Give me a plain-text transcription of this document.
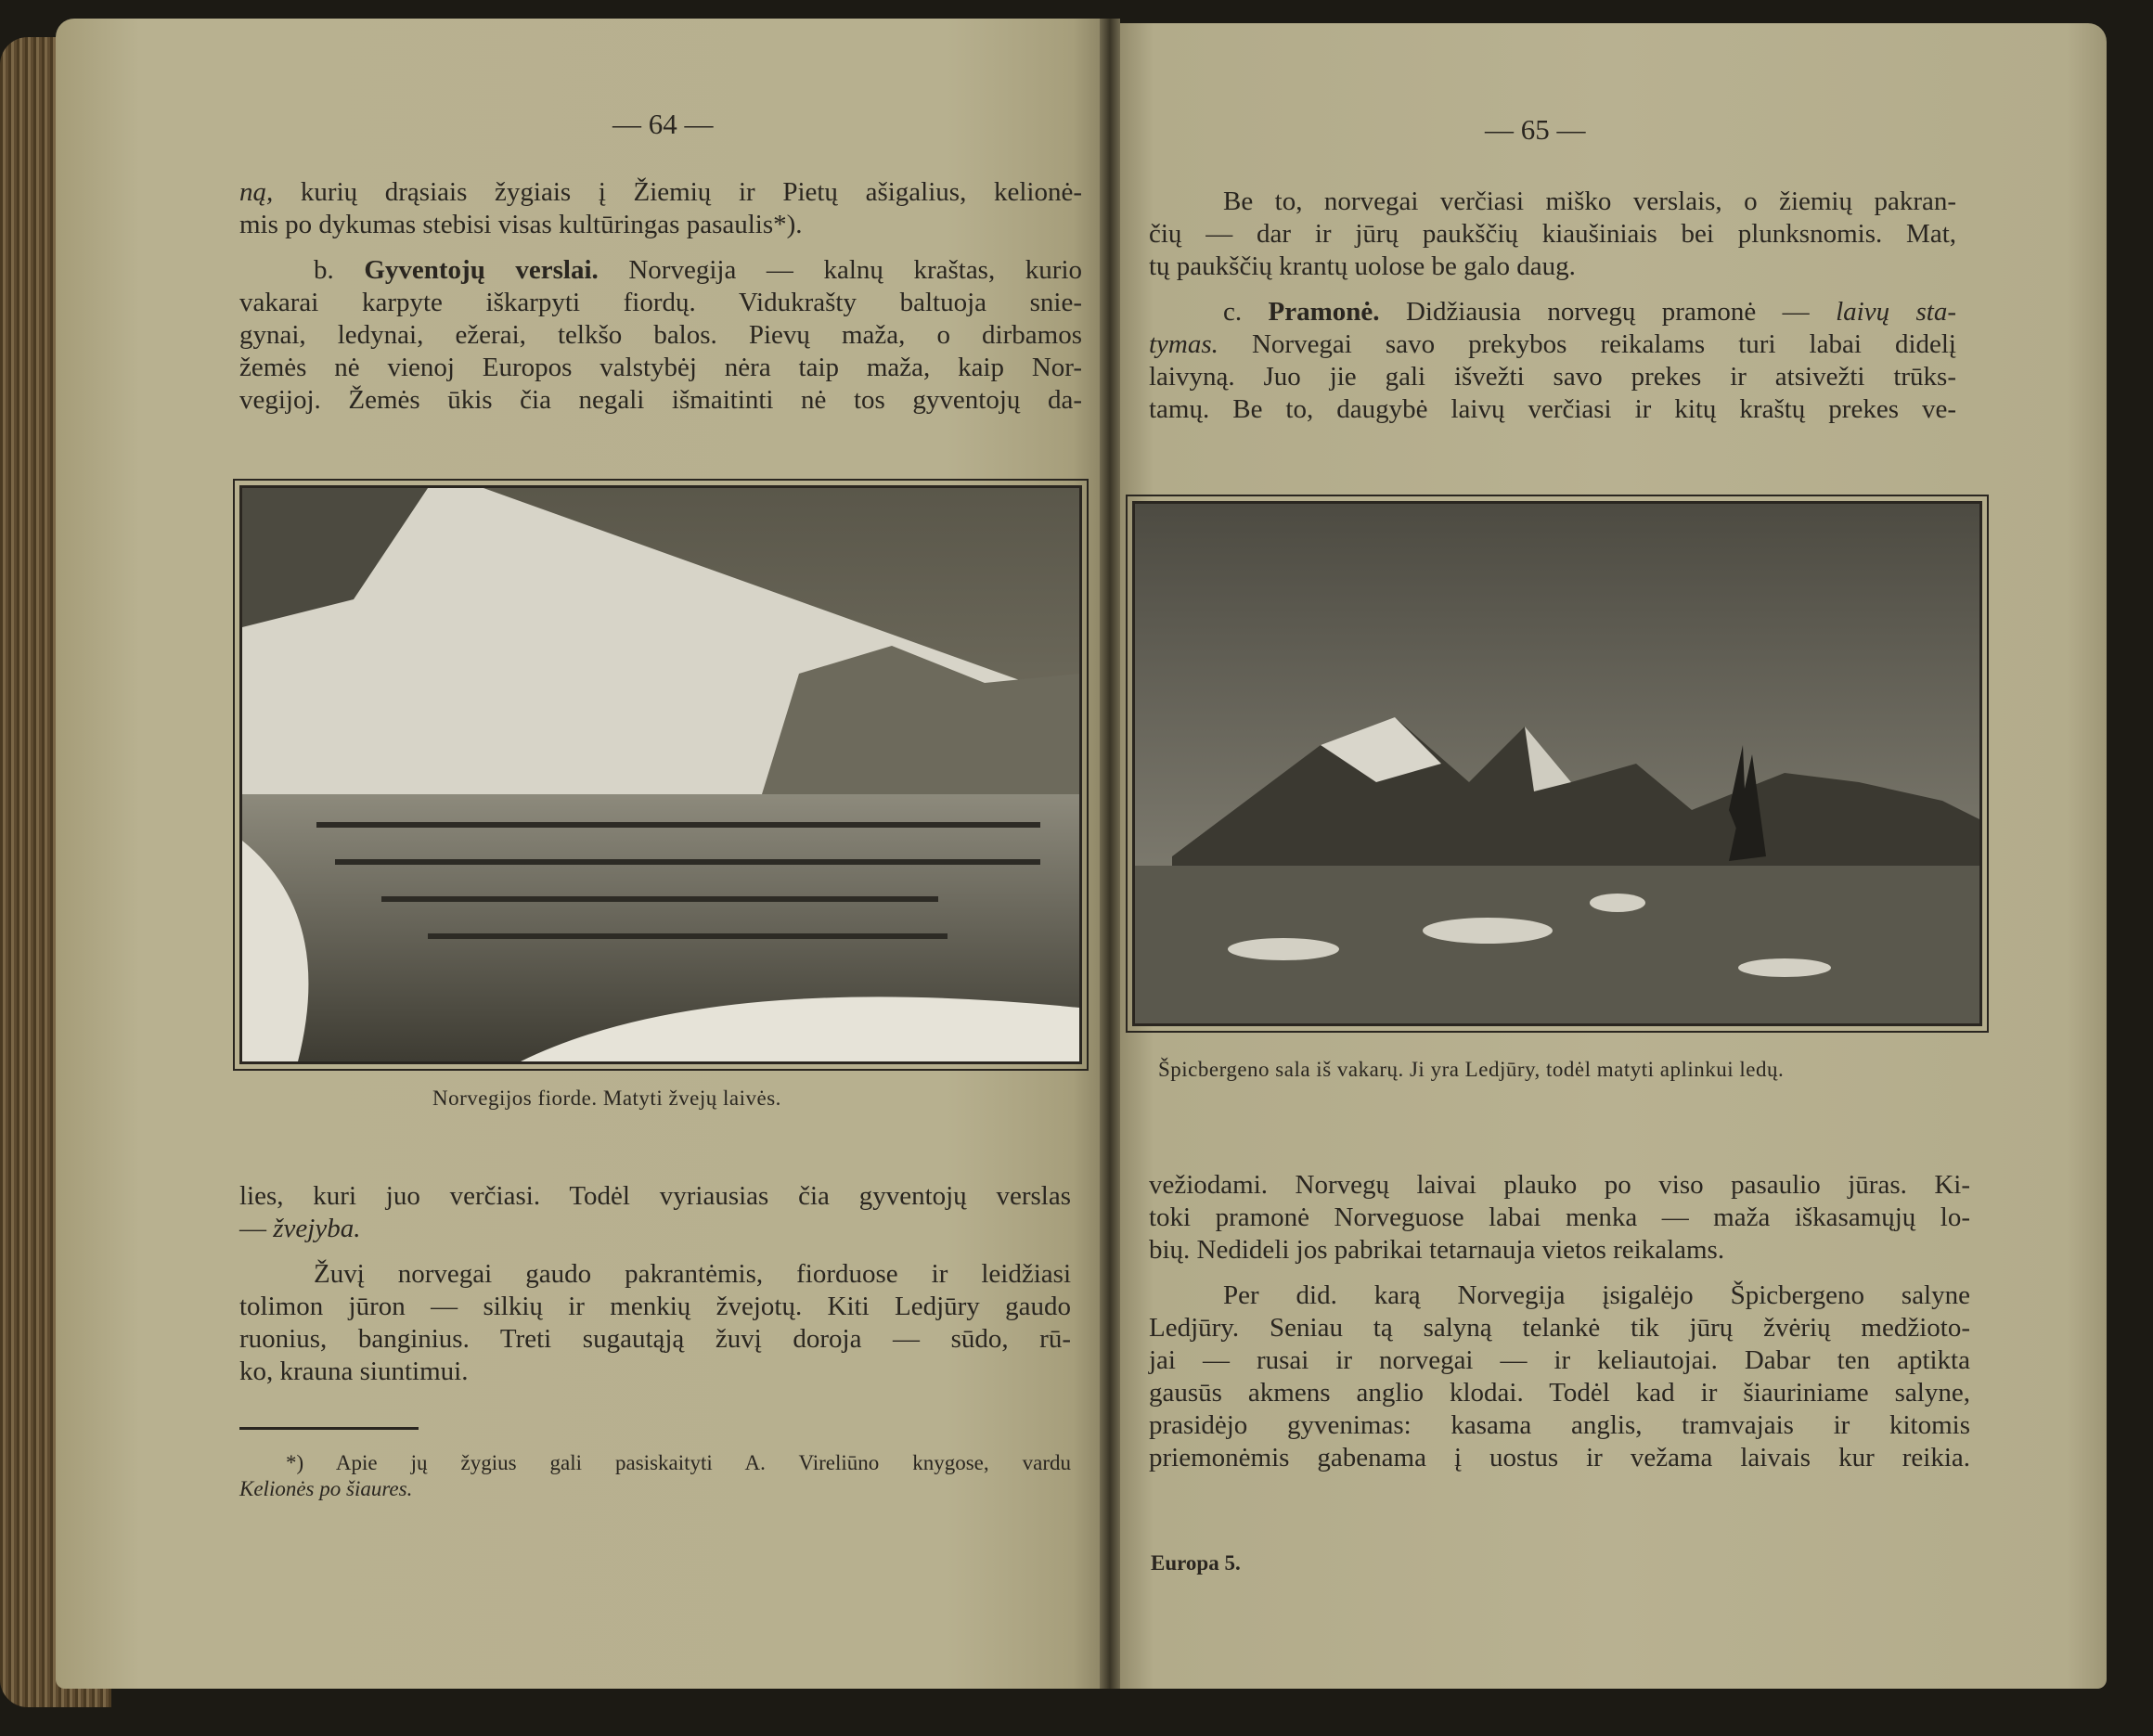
— 64 —
ną, kurių drąsiais žygiais į Žiemių ir Pietų ašigalius, kelionė-
mis po dykumas stebisi visas kultūringas pasaulis*).
b. Gyventojų verslai. Norvegija — kalnų kraštas, kurio
vakarai karpyte iškarpyti fiordų. Vidukrašty baltuoja snie-
gynai, ledynai, ežerai, telkšo balos. Pievų maža, o dirbamos
žemės nė vienoj Europos valstybėj nėra taip maža, kaip Nor-
vegijoj. Žemės ūkis čia negali išmaitinti nė tos gyventojų da-
Norvegijos fiorde. Matyti žvejų laivės.
lies, kuri juo verčiasi. Todėl vyriausias čia gyventojų verslas
— žvejyba.
Žuvį norvegai gaudo pakrantėmis, fiorduose ir leidžiasi
tolimon jūron — silkių ir menkių žvejotų. Kiti Ledjūry gaudo
ruonius, banginius. Treti sugautąją žuvį doroja — sūdo, rū-
ko, krauna siuntimui.
*) Apie jų žygius gali pasiskaityti A. Virelіūno knygose, vardu
Kelionės po šiaures.
— 65 —
Be to, norvegai verčiasi miško verslais, o žiemių pakran-
čių — dar ir jūrų paukščių kiaušiniais bei plunksnomis. Mat,
tų paukščių krantų uolose be galo daug.
c. Pramonė. Didžiausia norvegų pramonė — laivų sta-
tymas. Norvegai savo prekybos reikalams turi labai didelį
laivyną. Juo jie gali išvežti savo prekes ir atsivežti trūks-
tamų. Be to, daugybė laivų verčiasi ir kitų kraštų prekes ve-
Špicbergeno sala iš vakarų. Ji yra Ledjūry, todėl matyti aplinkui ledų.
vežiodami. Norvegų laivai plauko po viso pasaulio jūras. Ki-
toki pramonė Norveguose labai menka — maža iškasamųjų lo-
bių. Nedideli jos pabrikai tetarnauja vietos reikalams.
Per did. karą Norvegija įsigalėjo Špicbergeno salyne
Ledjūry. Seniau tą salyną telankė tik jūrų žvėrių medžioto-
jai — rusai ir norvegai — ir keliautojai. Dabar ten aptikta
gausūs akmens anglio klodai. Todėl kad ir šiauriniame salyne,
prasidėjo gyvenimas: kasama anglis, tramvajais ir kitomis
priemonėmis gabenama į uostus ir vežama laivais kur reikia.
Europa 5.
